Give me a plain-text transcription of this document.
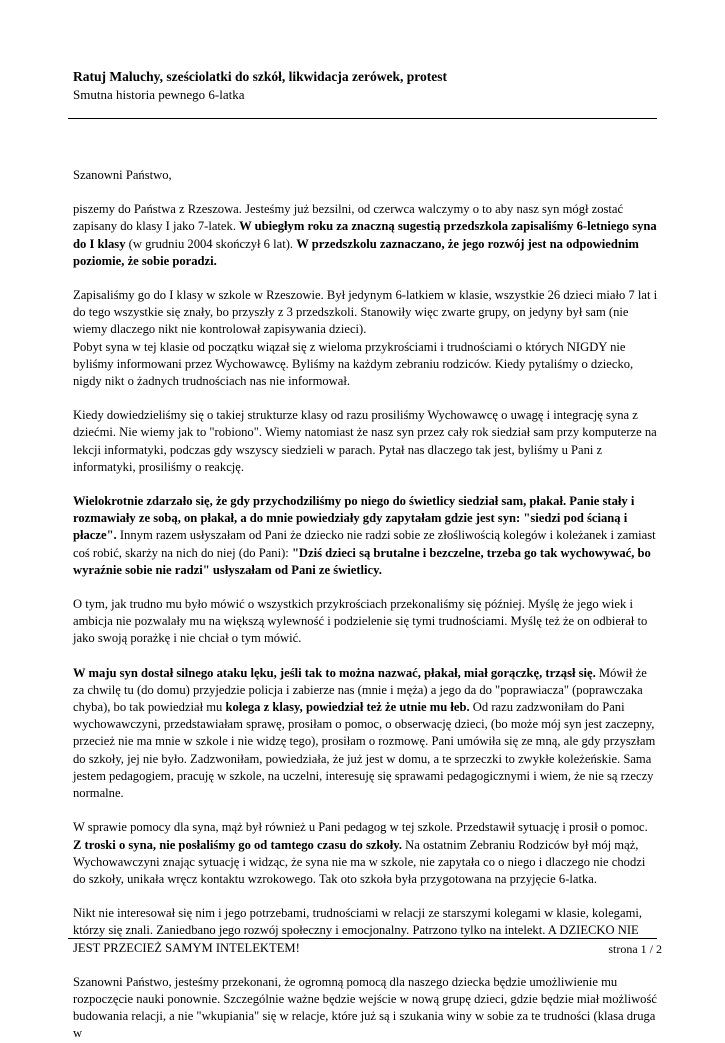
Ratuj Maluchy, sześciolatki do szkół, likwidacja zerówek, protest
Smutna historia pewnego 6-latka

Szanowni Państwo,

piszemy do Państwa z Rzeszowa. Jesteśmy już bezsilni, od czerwca walczymy o to aby nasz syn mógł zostać zapisany do klasy I jako 7-latek. W ubiegłym roku za znaczną sugestią przedszkola zapisaliśmy 6-letniego syna do I klasy (w grudniu 2004 skończył 6 lat). W przedszkolu zaznaczano, że jego rozwój jest na odpowiednim poziomie, że sobie poradzi.

Zapisaliśmy go do I klasy w szkole w Rzeszowie. Był jedynym 6-latkiem w klasie, wszystkie 26 dzieci miało 7 lat i do tego wszystkie się znały, bo przyszły z 3 przedszkoli. Stanowiły więc zwarte grupy, on jedyny był sam (nie wiemy dlaczego nikt nie kontrolował zapisywania dzieci).

Pobyt syna w tej klasie od początku wiązał się z wieloma przykrościami i trudnościami o których NIGDY nie byliśmy informowani przez Wychowawcę. Byliśmy na każdym zebraniu rodziców. Kiedy pytaliśmy o dziecko, nigdy nikt o żadnych trudnościach nas nie informował.

Kiedy dowiedzieliśmy się o takiej strukturze klasy od razu prosiliśmy Wychowawcę o uwagę i integrację syna z dziećmi. Nie wiemy jak to "robiono". Wiemy natomiast że nasz syn przez cały rok siedział sam przy komputerze na lekcji informatyki, podczas gdy wszyscy siedzieli w parach. Pytał nas dlaczego tak jest, byliśmy u Pani z informatyki, prosiliśmy o reakcję.

Wielokrotnie zdarzało się, że gdy przychodziliśmy po niego do świetlicy siedział sam, płakał. Panie stały i rozmawiały ze sobą, on płakał, a do mnie powiedziały gdy zapytałam gdzie jest syn: "siedzi pod ścianą i płacze". Innym razem usłyszałam od Pani że dziecko nie radzi sobie ze złośliwością kolegów i koleżanek i zamiast coś robić, skarży na nich do niej (do Pani): "Dziś dzieci są brutalne i bezczelne, trzeba go tak wychowywać, bo wyraźnie sobie nie radzi" usłyszałam od Pani ze świetlicy.

O tym, jak trudno mu było mówić o wszystkich przykrościach przekonaliśmy się później. Myślę że jego wiek i ambicja nie pozwalały mu na większą wylewność i podzielenie się tymi trudnościami. Myślę też że on odbierał to jako swoją porażkę i nie chciał o tym mówić.

W maju syn dostał silnego ataku lęku, jeśli tak to można nazwać, płakał, miał gorączkę, trząsł się. Mówił że za chwilę tu (do domu) przyjedzie policja i zabierze nas (mnie i męża) a jego da do "poprawiacza" (poprawczaka chyba), bo tak powiedział mu kolega z klasy, powiedział też że utnie mu łeb. Od razu zadzwoniłam do Pani wychowawczyni, przedstawiałam sprawę, prosiłam o pomoc, o obserwację dzieci, (bo może mój syn jest zaczepny, przecież nie ma mnie w szkole i nie widzę tego), prosiłam o rozmowę. Pani umówiła się ze mną, ale gdy przyszłam do szkoły, jej nie było. Zadzwoniłam, powiedziała, że już jest w domu, a te sprzeczki to zwykłe koleżeńskie. Sama jestem pedagogiem, pracuję w szkole, na uczelni, interesuję się sprawami pedagogicznymi i wiem, że nie są rzeczy normalne.

W sprawie pomocy dla syna, mąż był również u Pani pedagog w tej szkole. Przedstawił sytuację i prosił o pomoc.

Z troski o syna, nie posłaliśmy go od tamtego czasu do szkoły. Na ostatnim Zebraniu Rodziców był mój mąż, Wychowawczyni znając sytuację i widząc, że syna nie ma w szkole, nie zapytała co o niego i dlaczego nie chodzi do szkoły, unikała wręcz kontaktu wzrokowego. Tak oto szkoła była przygotowana na przyjęcie 6-latka.

Nikt nie interesował się nim i jego potrzebami, trudnościami w relacji ze starszymi kolegami w klasie, kolegami, którzy się znali. Zaniedbano jego rozwój społeczny i emocjonalny. Patrzono tylko na intelekt. A DZIECKO NIE JEST PRZECIEŻ SAMYM INTELEKTEM!

Szanowni Państwo, jesteśmy przekonani, że ogromną pomocą dla naszego dziecka będzie umożliwienie mu rozpoczęcie nauki ponownie. Szczególnie ważne będzie wejście w nową grupę dzieci, gdzie będzie miał możliwość budowania relacji, a nie "wkupiania" się w relacje, które już są i szukania winy w sobie za te trudności (klasa druga w

strona 1 / 2
